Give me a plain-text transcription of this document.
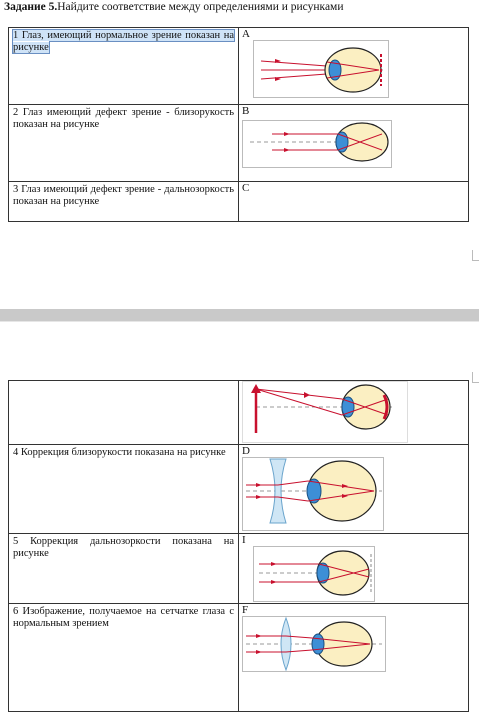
Задание 5.Найдите соответствие между определениями и рисунками
1 Глаз, имеющий нормальное зрение показан на рисунке	A

2 Глаз имеющий дефект зрение - близорукость показан на рисунке	B

3 Глаз имеющий дефект зрение - дальнозоркость показан на рисунке	C

4 Коррекция близорукости показана на рисунке	D

5 Коррекция дальнозоркости показана на рисунке	I

6 Изображение, получаемое на сетчатке глаза с нормальным зрением	F
